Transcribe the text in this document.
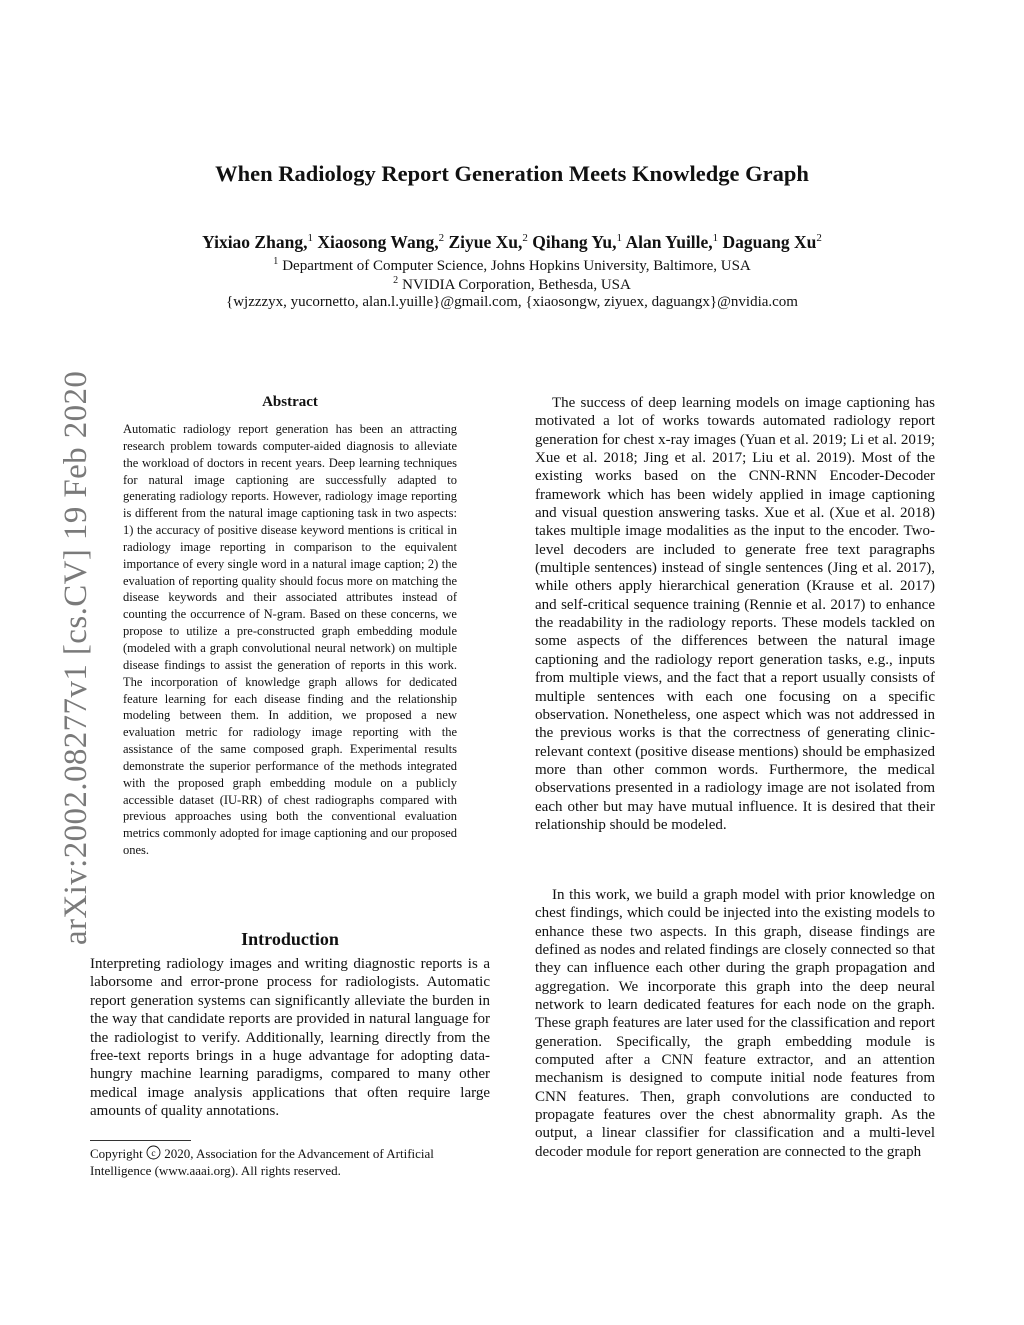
arXiv:2002.08277v1 [cs.CV] 19 Feb 2020
When Radiology Report Generation Meets Knowledge Graph
Yixiao Zhang,$^1$ Xiaosong Wang,$^2$ Ziyue Xu,$^2$ Qihang Yu,$^1$ Alan Yuille,$^1$ Daguang Xu$^2$
$^1$ Department of Computer Science, Johns Hopkins University, Baltimore, USA
$^2$ NVIDIA Corporation, Bethesda, USA
{wjzzzyx, yucornetto, alan.l.yuille}@gmail.com, {xiaosongw, ziyuex, daguangx}@nvidia.com
Abstract
Automatic radiology report generation has been an attracting research problem towards computer-aided diagnosis to alleviate the workload of doctors in recent years. Deep learning techniques for natural image captioning are successfully adapted to generating radiology reports. However, radiology image reporting is different from the natural image captioning task in two aspects: 1) the accuracy of positive disease keyword mentions is critical in radiology image reporting in comparison to the equivalent importance of every single word in a natural image caption; 2) the evaluation of reporting quality should focus more on matching the disease keywords and their associated attributes instead of counting the occurrence of N-gram. Based on these concerns, we propose to utilize a pre-constructed graph embedding module (modeled with a graph convolutional neural network) on multiple disease findings to assist the generation of reports in this work. The incorporation of knowledge graph allows for dedicated feature learning for each disease finding and the relationship modeling between them. In addition, we proposed a new evaluation metric for radiology image reporting with the assistance of the same composed graph. Experimental results demonstrate the superior performance of the methods integrated with the proposed graph embedding module on a publicly accessible dataset (IU-RR) of chest radiographs compared with previous approaches using both the conventional evaluation metrics commonly adopted for image captioning and our proposed ones.
Introduction
Interpreting radiology images and writing diagnostic reports is a laborsome and error-prone process for radiologists. Automatic report generation systems can significantly alleviate the burden in the way that candidate reports are provided in natural language for the radiologist to verify. Additionally, learning directly from the free-text reports brings in a huge advantage for adopting data-hungry machine learning paradigms, compared to many other medical image analysis applications that often require large amounts of quality annotations.
Copyright c 2020, Association for the Advancement of Artificial Intelligence (www.aaai.org). All rights reserved.
The success of deep learning models on image captioning has motivated a lot of works towards automated radiology report generation for chest x-ray images (Yuan et al. 2019; Li et al. 2019; Xue et al. 2018; Jing et al. 2017; Liu et al. 2019). Most of the existing works based on the CNN-RNN Encoder-Decoder framework which has been widely applied in image captioning and visual question answering tasks. Xue et al. (Xue et al. 2018) takes multiple image modalities as the input to the encoder. Two-level decoders are included to generate free text paragraphs (multiple sentences) instead of single sentences (Jing et al. 2017), while others apply hierarchical generation (Krause et al. 2017) and self-critical sequence training (Rennie et al. 2017) to enhance the readability in the radiology reports. These models tackled on some aspects of the differences between the natural image captioning and the radiology report generation tasks, e.g., inputs from multiple views, and the fact that a report usually consists of multiple sentences with each one focusing on a specific observation. Nonetheless, one aspect which was not addressed in the previous works is that the correctness of generating clinic-relevant context (positive disease mentions) should be emphasized more than other common words. Furthermore, the medical observations presented in a radiology image are not isolated from each other but may have mutual influence. It is desired that their relationship should be modeled.
In this work, we build a graph model with prior knowledge on chest findings, which could be injected into the existing models to enhance these two aspects. In this graph, disease findings are defined as nodes and related findings are closely connected so that they can influence each other during the graph propagation and aggregation. We incorporate this graph into the deep neural network to learn dedicated features for each node on the graph. These graph features are later used for the classification and report generation. Specifically, the graph embedding module is computed after a CNN feature extractor, and an attention mechanism is designed to compute initial node features from CNN features. Then, graph convolutions are conducted to propagate features over the chest abnormality graph. As the output, a linear classifier for classification and a multi-level decoder module for report generation are connected to the graph
